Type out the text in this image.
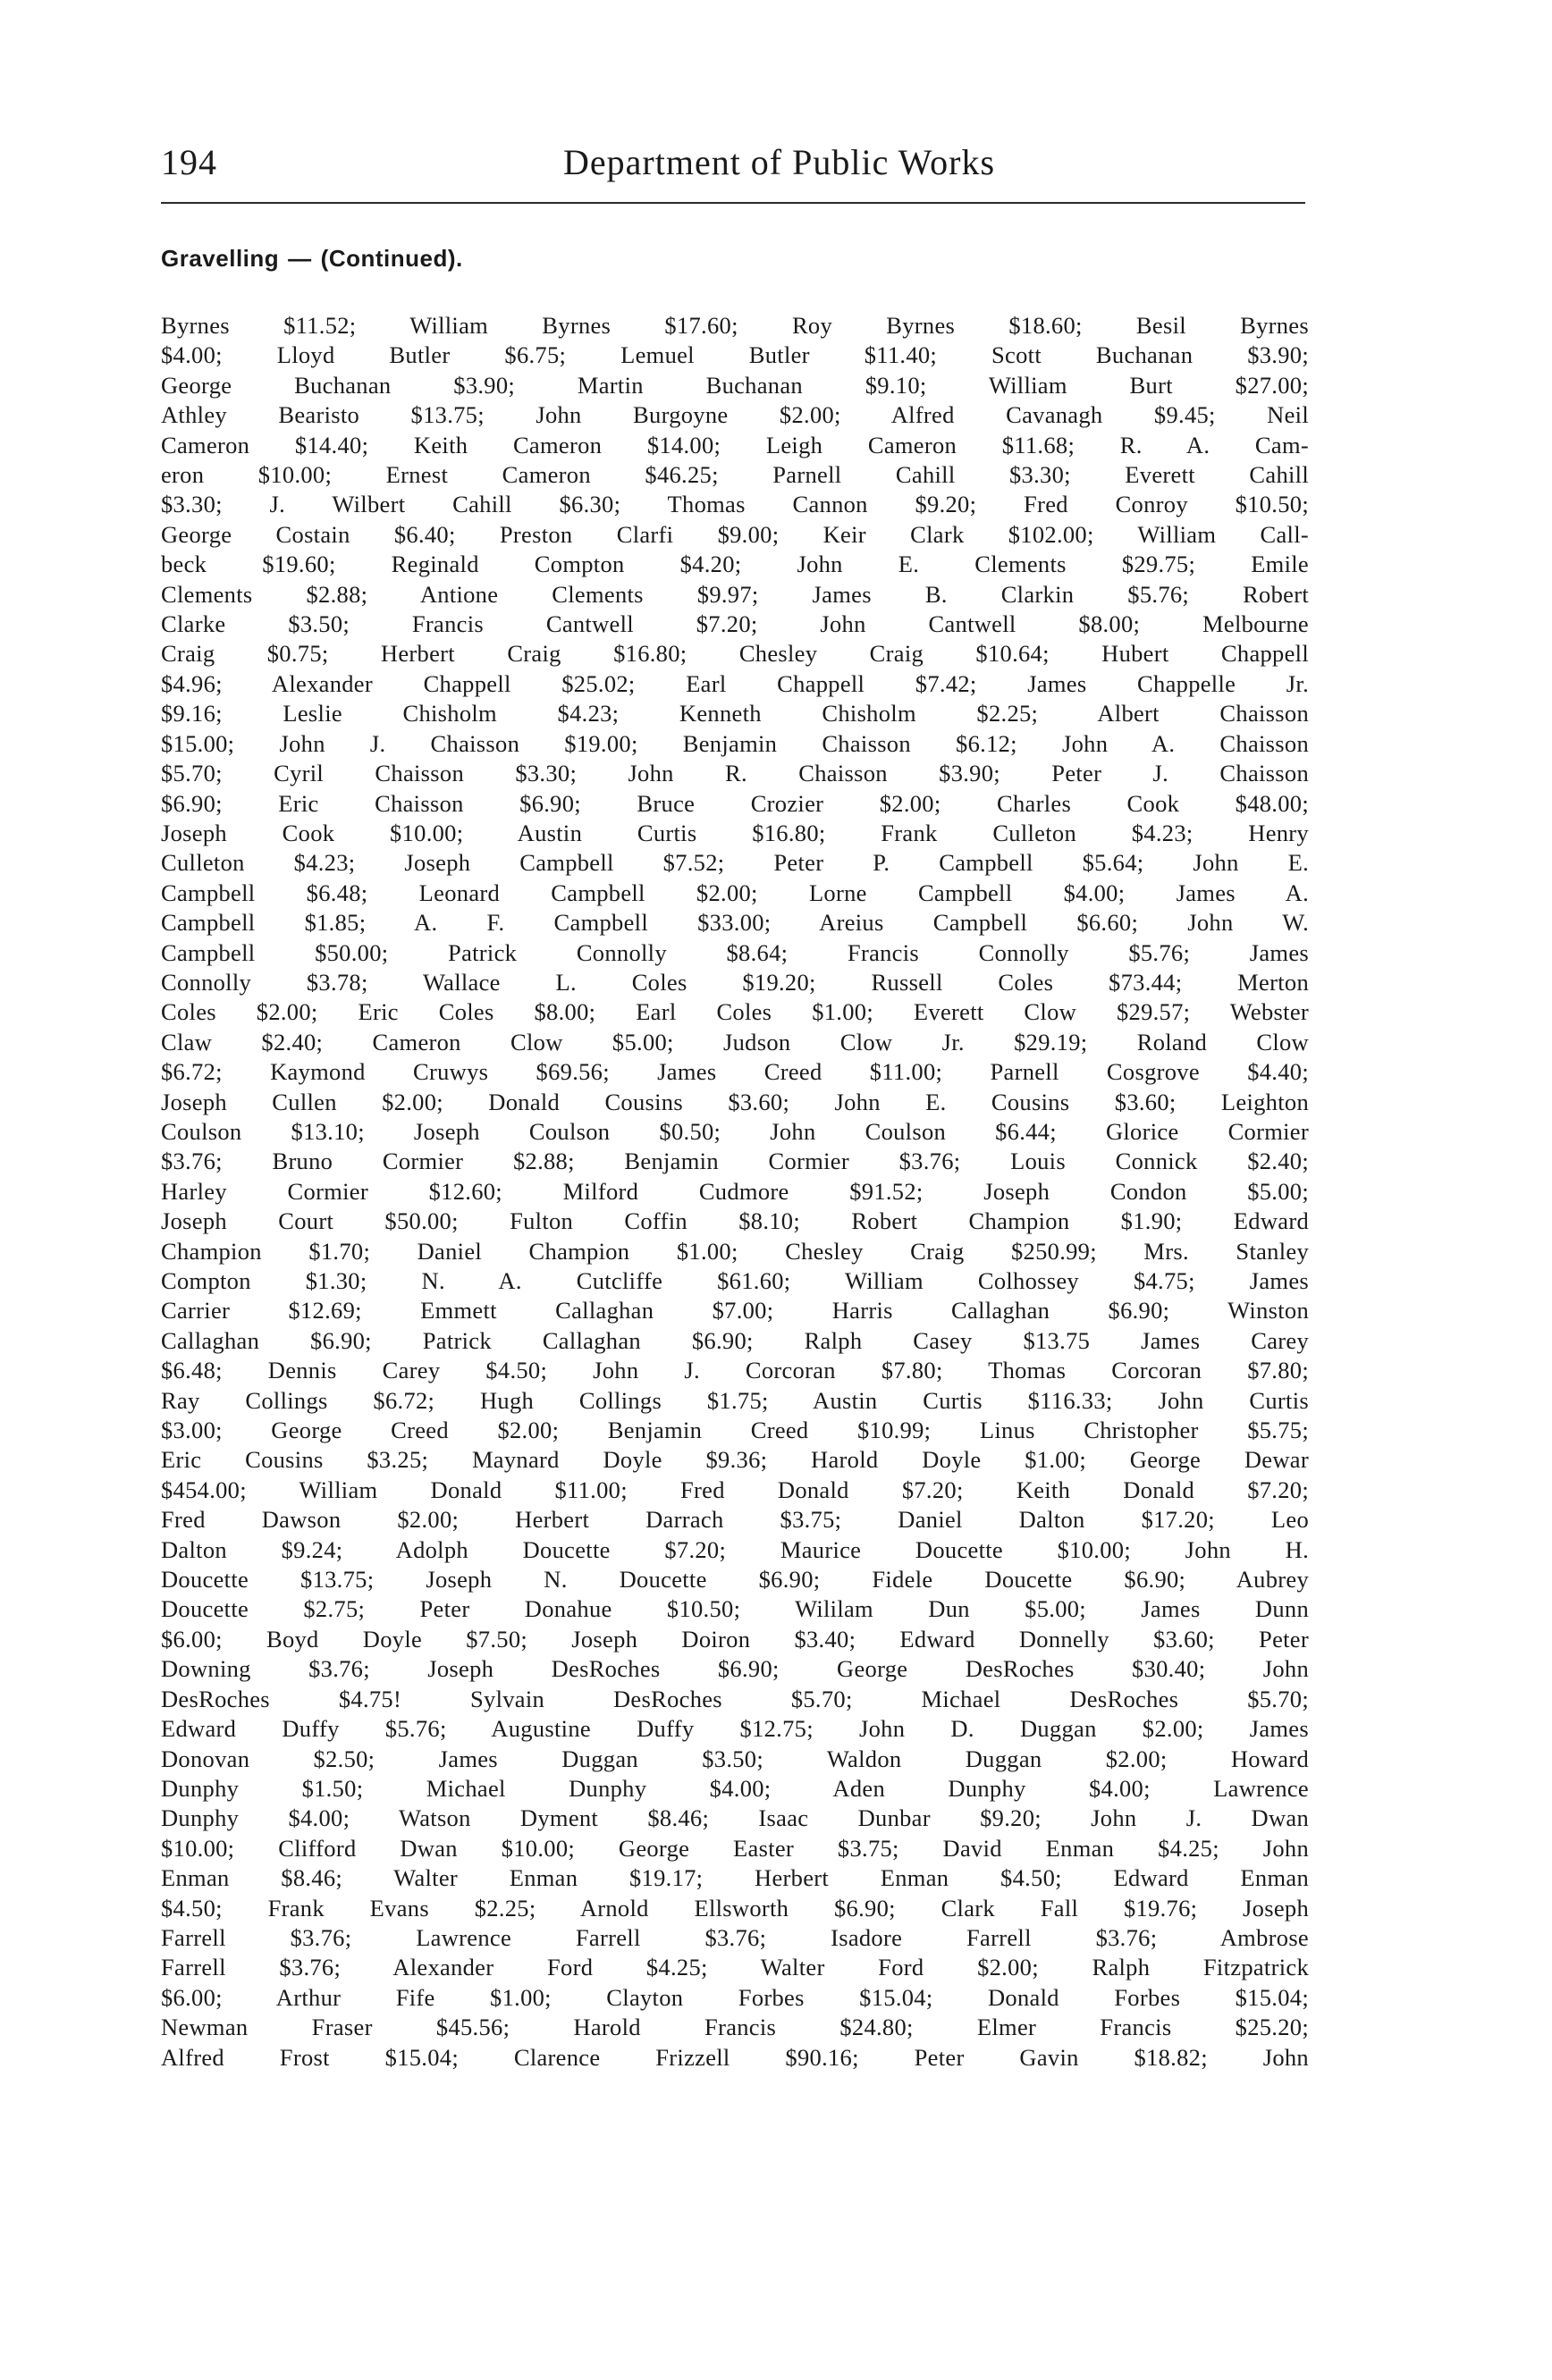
194	Department of Public Works
Gravelling — (Continued).
Byrnes $11.52; William Byrnes $17.60; Roy Byrnes $18.60; Besil Byrnes
$4.00; Lloyd Butler $6.75; Lemuel Butler $11.40; Scott Buchanan $3.90;
George Buchanan $3.90; Martin Buchanan $9.10; William Burt $27.00;
Athley Bearisto $13.75; John Burgoyne $2.00; Alfred Cavanagh $9.45; Neil
Cameron $14.40; Keith Cameron $14.00; Leigh Cameron $11.68; R. A. Cam-
eron $10.00; Ernest Cameron $46.25; Parnell Cahill $3.30; Everett Cahill
$3.30; J. Wilbert Cahill $6.30; Thomas Cannon $9.20; Fred Conroy $10.50;
George Costain $6.40; Preston Clarfi $9.00; Keir Clark $102.00; William Call-
beck $19.60; Reginald Compton $4.20; John E. Clements $29.75; Emile
Clements $2.88; Antione Clements $9.97; James B. Clarkin $5.76; Robert
Clarke $3.50; Francis Cantwell $7.20; John Cantwell $8.00; Melbourne
Craig $0.75; Herbert Craig $16.80; Chesley Craig $10.64; Hubert Chappell
$4.96; Alexander Chappell $25.02; Earl Chappell $7.42; James Chappelle Jr.
$9.16; Leslie Chisholm $4.23; Kenneth Chisholm $2.25; Albert Chaisson
$15.00; John J. Chaisson $19.00; Benjamin Chaisson $6.12; John A. Chaisson
$5.70; Cyril Chaisson $3.30; John R. Chaisson $3.90; Peter J. Chaisson
$6.90; Eric Chaisson $6.90; Bruce Crozier $2.00; Charles Cook $48.00;
Joseph Cook $10.00; Austin Curtis $16.80; Frank Culleton $4.23; Henry
Culleton $4.23; Joseph Campbell $7.52; Peter P. Campbell $5.64; John E.
Campbell $6.48; Leonard Campbell $2.00; Lorne Campbell $4.00; James A.
Campbell $1.85; A. F. Campbell $33.00; Areius Campbell $6.60; John W.
Campbell $50.00; Patrick Connolly $8.64; Francis Connolly $5.76; James
Connolly $3.78; Wallace L. Coles $19.20; Russell Coles $73.44; Merton
Coles $2.00; Eric Coles $8.00; Earl Coles $1.00; Everett Clow $29.57; Webster
Claw $2.40; Cameron Clow $5.00; Judson Clow Jr. $29.19; Roland Clow
$6.72; Kaymond Cruwys $69.56; James Creed $11.00; Parnell Cosgrove $4.40;
Joseph Cullen $2.00; Donald Cousins $3.60; John E. Cousins $3.60; Leighton
Coulson $13.10; Joseph Coulson $0.50; John Coulson $6.44; Glorice Cormier
$3.76; Bruno Cormier $2.88; Benjamin Cormier $3.76; Louis Connick $2.40;
Harley Cormier $12.60; Milford Cudmore $91.52; Joseph Condon $5.00;
Joseph Court $50.00; Fulton Coffin $8.10; Robert Champion $1.90; Edward
Champion $1.70; Daniel Champion $1.00; Chesley Craig $250.99; Mrs. Stanley
Compton $1.30; N. A. Cutcliffe $61.60; William Colhossey $4.75; James
Carrier $12.69; Emmett Callaghan $7.00; Harris Callaghan $6.90; Winston
Callaghan $6.90; Patrick Callaghan $6.90; Ralph Casey $13.75 James Carey
$6.48; Dennis Carey $4.50; John J. Corcoran $7.80; Thomas Corcoran $7.80;
Ray Collings $6.72; Hugh Collings $1.75; Austin Curtis $116.33; John Curtis
$3.00; George Creed $2.00; Benjamin Creed $10.99; Linus Christopher $5.75;
Eric Cousins $3.25; Maynard Doyle $9.36; Harold Doyle $1.00; George Dewar
$454.00; William Donald $11.00; Fred Donald $7.20; Keith Donald $7.20;
Fred Dawson $2.00; Herbert Darrach $3.75; Daniel Dalton $17.20; Leo
Dalton $9.24; Adolph Doucette $7.20; Maurice Doucette $10.00; John H.
Doucette $13.75; Joseph N. Doucette $6.90; Fidele Doucette $6.90; Aubrey
Doucette $2.75; Peter Donahue $10.50; Wililam Dun $5.00; James Dunn
$6.00; Boyd Doyle $7.50; Joseph Doiron $3.40; Edward Donnelly $3.60; Peter
Downing $3.76; Joseph DesRoches $6.90; George DesRoches $30.40; John
DesRoches $4.75! Sylvain DesRoches $5.70; Michael DesRoches $5.70;
Edward Duffy $5.76; Augustine Duffy $12.75; John D. Duggan $2.00; James
Donovan $2.50; James Duggan $3.50; Waldon Duggan $2.00; Howard
Dunphy $1.50; Michael Dunphy $4.00; Aden Dunphy $4.00; Lawrence
Dunphy $4.00; Watson Dyment $8.46; Isaac Dunbar $9.20; John J. Dwan
$10.00; Clifford Dwan $10.00; George Easter $3.75; David Enman $4.25; John
Enman $8.46; Walter Enman $19.17; Herbert Enman $4.50; Edward Enman
$4.50; Frank Evans $2.25; Arnold Ellsworth $6.90; Clark Fall $19.76; Joseph
Farrell $3.76; Lawrence Farrell $3.76; Isadore Farrell $3.76; Ambrose
Farrell $3.76; Alexander Ford $4.25; Walter Ford $2.00; Ralph Fitzpatrick
$6.00; Arthur Fife $1.00; Clayton Forbes $15.04; Donald Forbes $15.04;
Newman Fraser $45.56; Harold Francis $24.80; Elmer Francis $25.20;
Alfred Frost $15.04; Clarence Frizzell $90.16; Peter Gavin $18.82; John
